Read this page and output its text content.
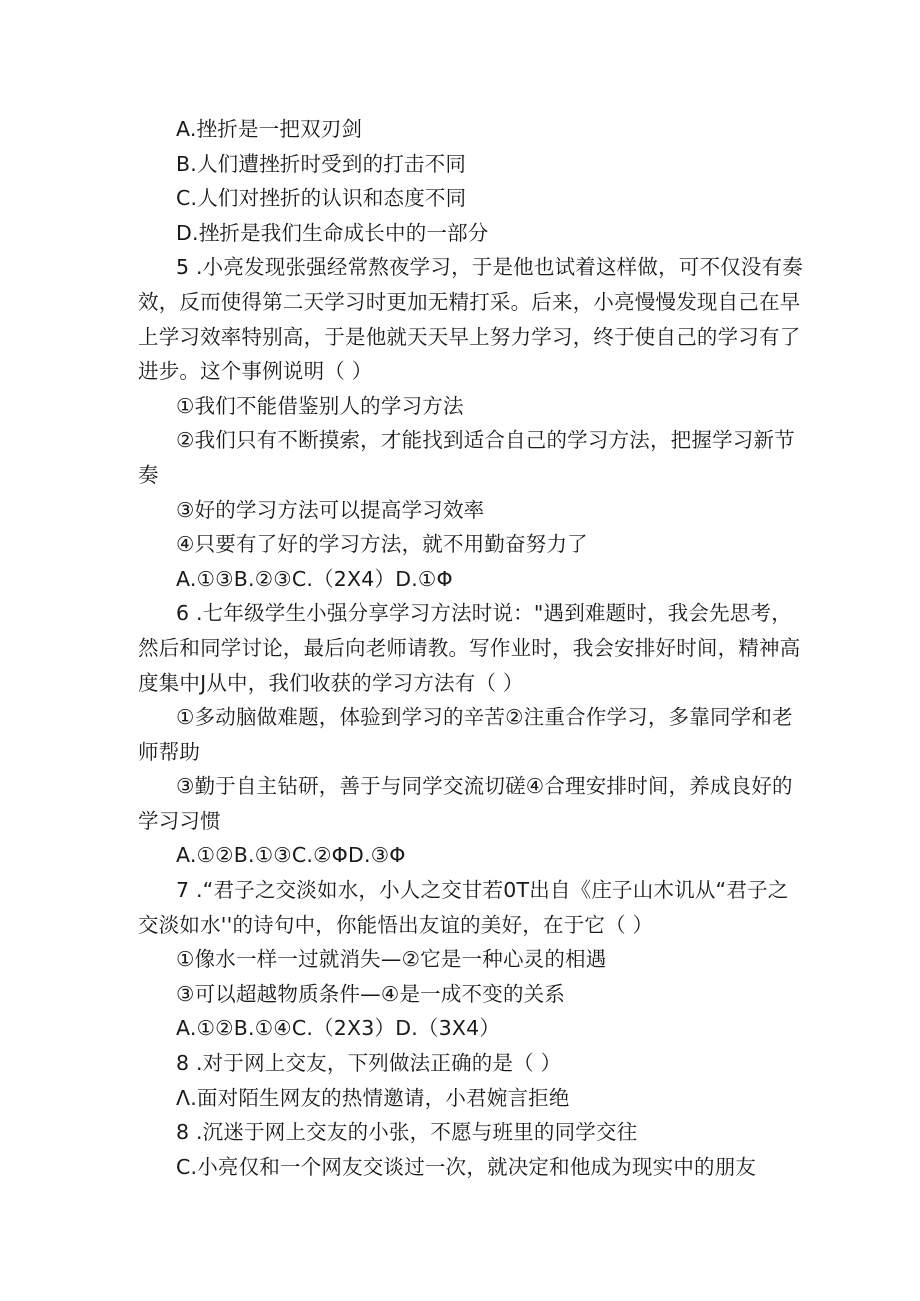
A.挫折是一把双刃剑
B.人们遭挫折时受到的打击不同
C.人们对挫折的认识和态度不同
D.挫折是我们生命成长中的一部分
5 .小亮发现张强经常熬夜学习，于是他也试着这样做，可不仅没有奏
效，反而使得第二天学习时更加无精打采。后来，小亮慢慢发现自己在早
上学习效率特别高，于是他就天天早上努力学习，终于使自己的学习有了
进步。这个事例说明（ ）
①我们不能借鉴别人的学习方法
②我们只有不断摸索，才能找到适合自己的学习方法，把握学习新节
奏
③好的学习方法可以提高学习效率
④只要有了好的学习方法，就不用勤奋努力了
A.①③B.②③C.（2X4）D.①Φ
6 .七年级学生小强分享学习方法时说："遇到难题时，我会先思考，
然后和同学讨论，最后向老师请教。写作业时，我会安排好时间，精神高
度集中J从中，我们收获的学习方法有（ ）
①多动脑做难题，体验到学习的辛苦②注重合作学习，多靠同学和老
师帮助
③勤于自主钻研，善于与同学交流切磋④合理安排时间，养成良好的
学习习惯
A.①②B.①③C.②ΦD.③Φ
7 .“君子之交淡如水，小人之交甘若0T出自《庄子山木讥从“君子之
交淡如水''的诗句中，你能悟出友谊的美好，在于它（ ）
①像水一样一过就消失—②它是一种心灵的相遇
③可以超越物质条件—④是一成不变的关系
A.①②B.①④C.（2X3）D.（3X4）
8 .对于网上交友，下列做法正确的是（ ）
Λ.面对陌生网友的热情邀请，小君婉言拒绝
8 .沉迷于网上交友的小张，不愿与班里的同学交往
C.小亮仅和一个网友交谈过一次，就决定和他成为现实中的朋友
